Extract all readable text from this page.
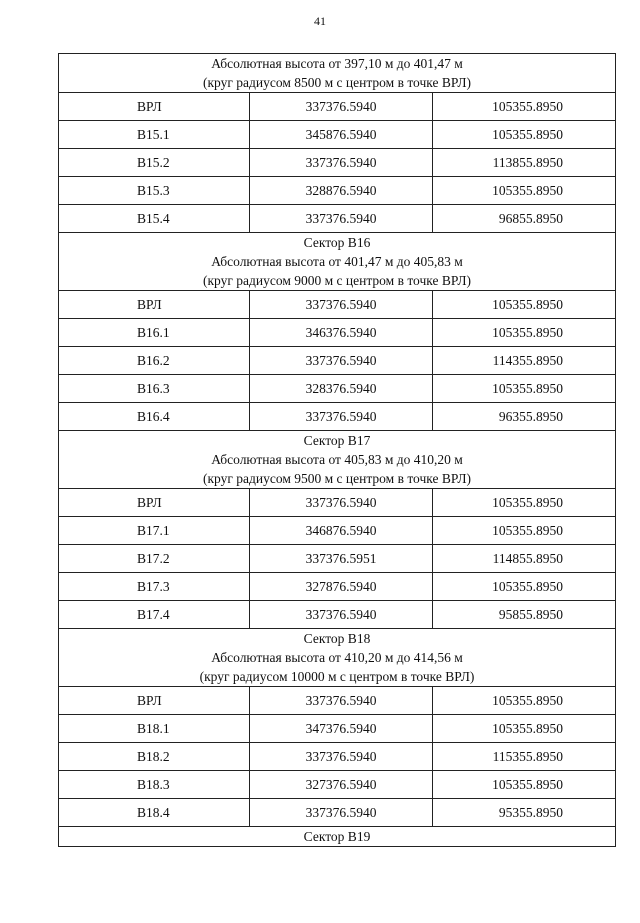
41
Абсолютная высота от 397,10 м до 401,47 м
(круг радиусом 8500 м с центром в точке ВРЛ)		

ВРЛ	337376.5940	105355.8950
В15.1	345876.5940	105355.8950
В15.2	337376.5940	113855.8950
В15.3	328876.5940	105355.8950
В15.4	337376.5940	96855.8950

Сектор В16
Абсолютная высота от 401,47 м до 405,83 м
(круг радиусом 9000 м с центром в точке ВРЛ)		

ВРЛ	337376.5940	105355.8950
В16.1	346376.5940	105355.8950
В16.2	337376.5940	114355.8950
В16.3	328376.5940	105355.8950
В16.4	337376.5940	96355.8950

Сектор В17
Абсолютная высота от 405,83 м до 410,20 м
(круг радиусом 9500 м с центром в точке ВРЛ)		

ВРЛ	337376.5940	105355.8950
В17.1	346876.5940	105355.8950
В17.2	337376.5951	114855.8950
В17.3	327876.5940	105355.8950
В17.4	337376.5940	95855.8950

Сектор В18
Абсолютная высота от 410,20 м до 414,56 м
(круг радиусом 10000 м с центром в точке ВРЛ)		

ВРЛ	337376.5940	105355.8950
В18.1	347376.5940	105355.8950
В18.2	337376.5940	115355.8950
В18.3	327376.5940	105355.8950
В18.4	337376.5940	95355.8950
Сектор В19		
